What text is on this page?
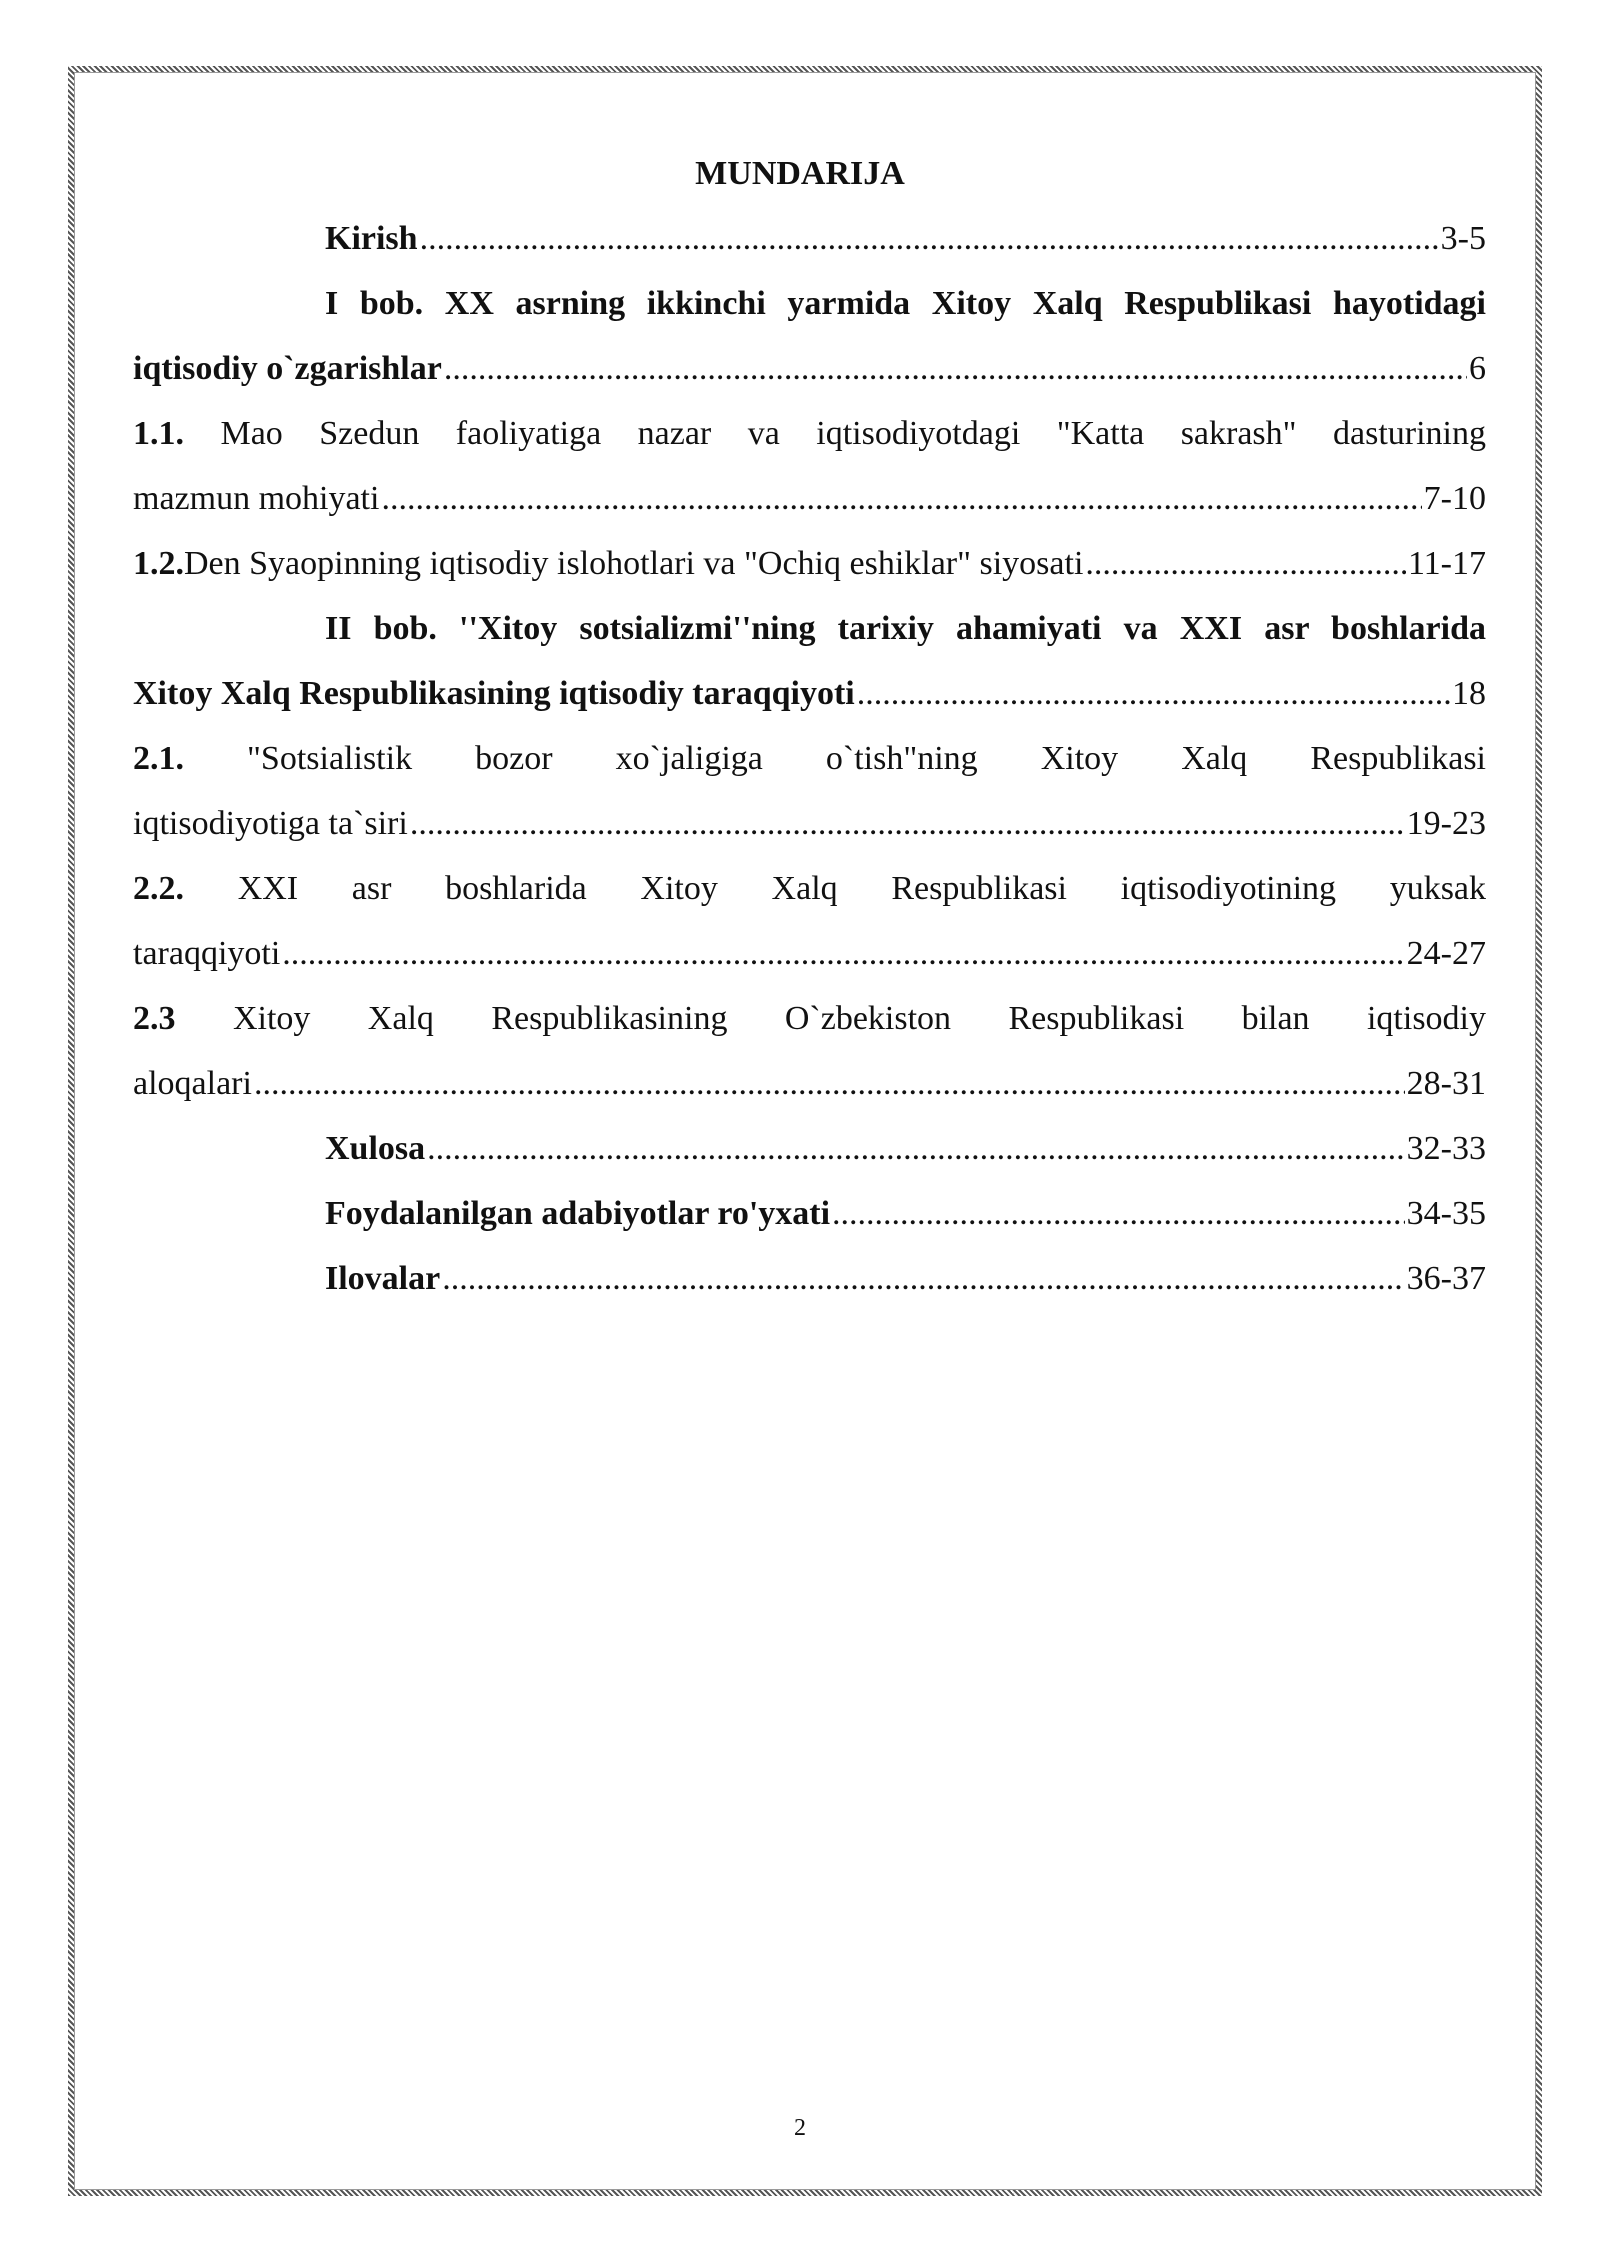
MUNDARIJA
Kirish .....	3-5
I bob. XX asrning ikkinchi yarmida Xitoy Xalq Respublikasi hayotidagi
iqtisodiy o`zgarishlar .....	6
1.1. Mao Szedun faoliyatiga nazar va iqtisodiyotdagi "Katta sakrash" dasturining
mazmun mohiyati .....	7-10
1.2. Den Syaopinning iqtisodiy islohotlari va "Ochiq eshiklar" siyosati .....	11-17
II bob. ''Xitoy sotsializmi''ning tarixiy ahamiyati va XXI asr boshlarida
Xitoy Xalq Respublikasining iqtisodiy taraqqiyoti .....	18
2.1. "Sotsialistik bozor xo`jaligiga o`tish"ning Xitoy Xalq Respublikasi
iqtisodiyotiga ta`siri .....	19-23
2.2. XXI asr boshlarida Xitoy Xalq Respublikasi iqtisodiyotining yuksak
taraqqiyoti .....	24-27
2.3 Xitoy Xalq Respublikasining O`zbekiston Respublikasi bilan iqtisodiy
aloqalari .....	28-31
Xulosa .....	32-33
Foydalanilgan adabiyotlar ro'yxati .....	34-35
Ilovalar .....	36-37
2
